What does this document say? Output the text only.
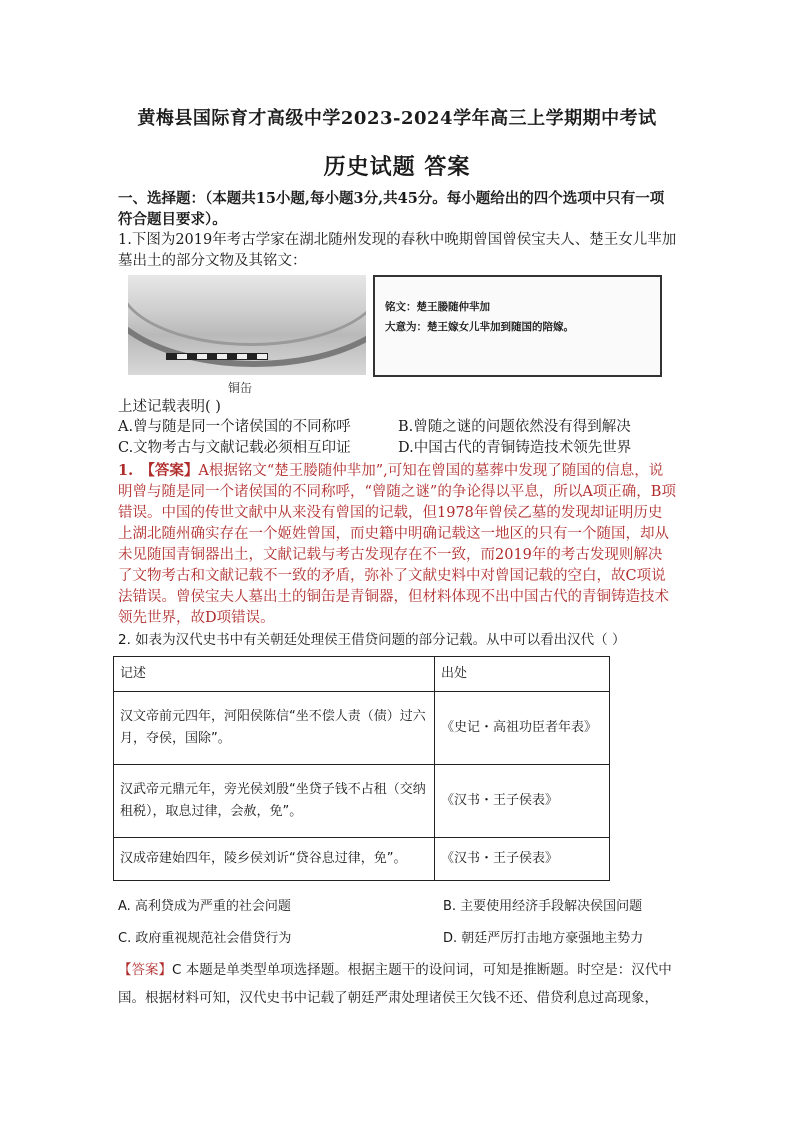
黄梅县国际育才高级中学2023-2024学年高三上学期期中考试
历史试题 答案
一、选择题：（本题共15小题,每小题3分,共45分。每小题给出的四个选项中只有一项符合题目要求）。
1.下图为2019年考古学家在湖北随州发现的春秋中晚期曾国曾侯宝夫人、楚王女儿芈加墓出土的部分文物及其铭文：
铜缶
铭文：楚王媵随仲芈加
大意为：楚王嫁女儿芈加到随国的陪嫁。
上述记载表明( )
A.曾与随是同一个诸侯国的不同称呼	B.曾随之谜的问题依然没有得到解决
C.文物考古与文献记载必须相互印证	D.中国古代的青铜铸造技术领先世界
1.　【答案】A根据铭文“楚王媵随仲芈加”,可知在曾国的墓葬中发现了随国的信息，说明曾与随是同一个诸侯国的不同称呼，“曾随之谜”的争论得以平息，所以A项正确，B项错误。中国的传世文献中从来没有曾国的记载，但1978年曾侯乙墓的发现却证明历史上湖北随州确实存在一个姬姓曾国，而史籍中明确记载这一地区的只有一个随国，却从未见随国青铜器出土，文献记载与考古发现存在不一致，而2019年的考古发现则解决了文物考古和文献记载不一致的矛盾，弥补了文献史料中对曾国记载的空白，故C项说法错误。曾侯宝夫人墓出土的铜缶是青铜器，但材料体现不出中国古代的青铜铸造技术领先世界，故D项错误。
2. 如表为汉代史书中有关朝廷处理侯王借贷问题的部分记载。从中可以看出汉代（ ）
记述	出处
汉文帝前元四年，河阳侯陈信“坐不偿人责（债）过六月，夺侯，国除”。	《史记・高祖功臣者年表》
汉武帝元鼎元年，旁光侯刘殷“坐贷子钱不占租（交纳租税），取息过律，会赦，免”。	《汉书・王子侯表》
汉成帝建始四年，陵乡侯刘䜣“贷谷息过律，免”。	《汉书・王子侯表》
A. 高利贷成为严重的社会问题	B. 主要使用经济手段解决侯国问题
C. 政府重视规范社会借贷行为	D. 朝廷严厉打击地方豪强地主势力
【答案】C 本题是单类型单项选择题。根据主题干的设问词，可知是推断题。时空是：汉代中国。根据材料可知，汉代史书中记载了朝廷严肃处理诸侯王欠钱不还、借贷利息过高现象，
